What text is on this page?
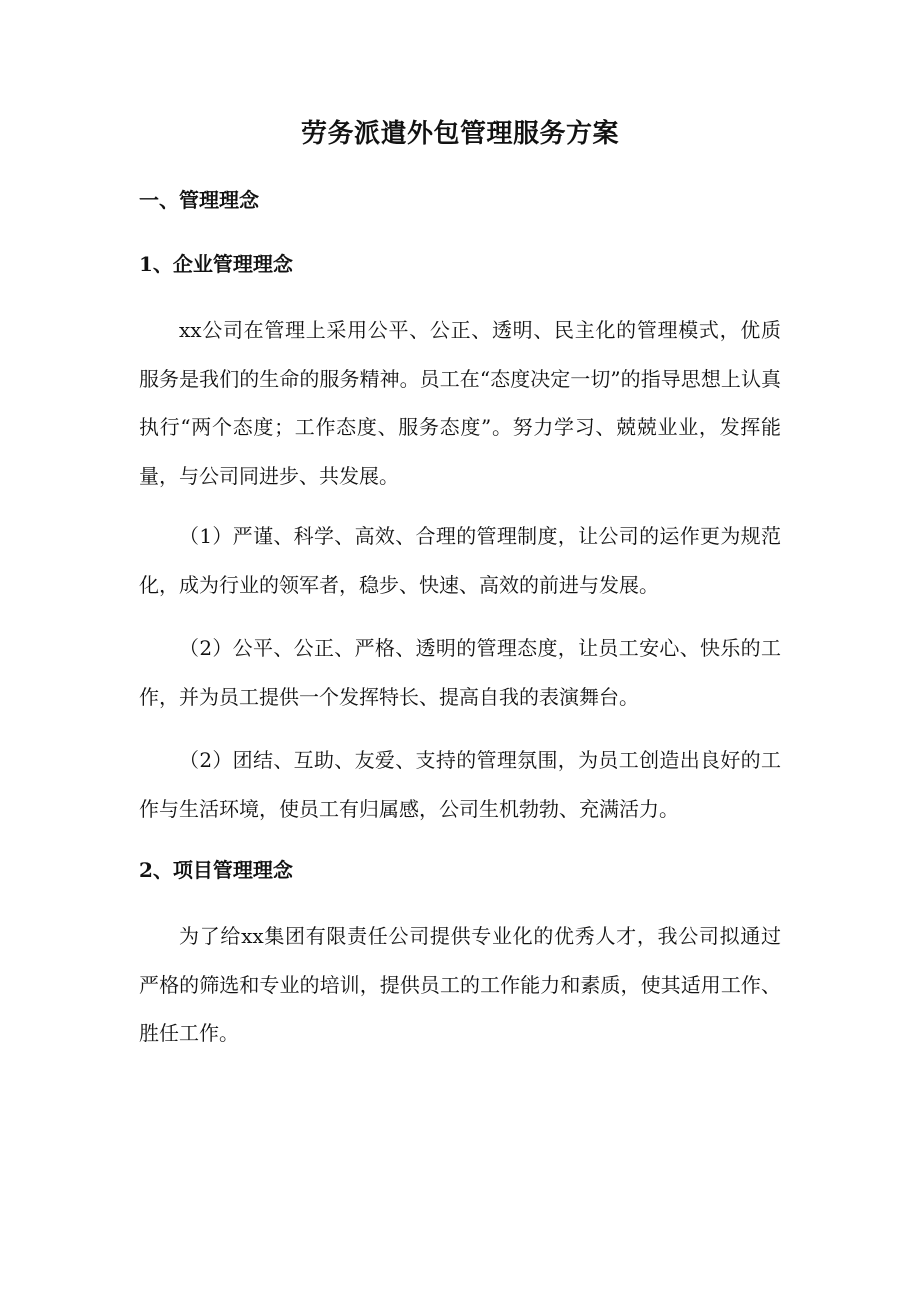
劳务派遣外包管理服务方案
一、管理理念
1、企业管理理念

xx公司在管理上采用公平、公正、透明、民主化的管理模式，优质服务是我们的生命的服务精神。员工在“态度决定一切”的指导思想上认真执行“两个态度；工作态度、服务态度”。努力学习、兢兢业业，发挥能量，与公司同进步、共发展。

（1）严谨、科学、高效、合理的管理制度，让公司的运作更为规范化，成为行业的领军者，稳步、快速、高效的前进与发展。

（2）公平、公正、严格、透明的管理态度，让员工安心、快乐的工作，并为员工提供一个发挥特长、提高自我的表演舞台。

（2）团结、互助、友爱、支持的管理氛围，为员工创造出良好的工作与生活环境，使员工有归属感，公司生机勃勃、充满活力。

2、项目管理理念

为了给xx集团有限责任公司提供专业化的优秀人才，我公司拟通过严格的筛选和专业的培训，提供员工的工作能力和素质，使其适用工作、胜任工作。
